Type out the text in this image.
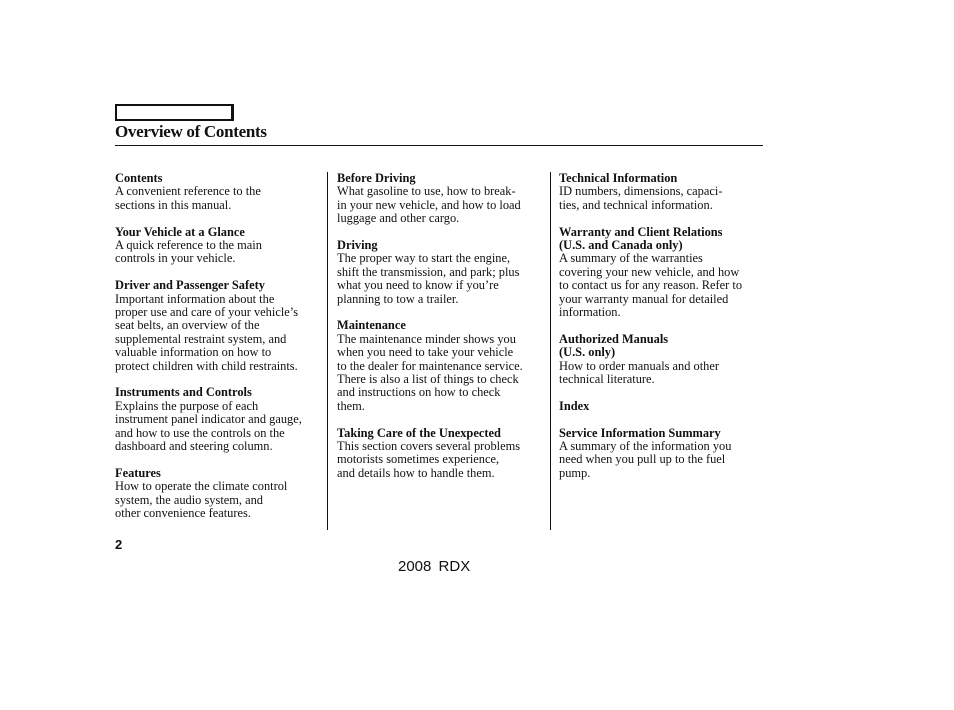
Overview of Contents
Contents
A convenient reference to the
sections in this manual.
Your Vehicle at a Glance
A quick reference to the main
controls in your vehicle.
Driver and Passenger Safety
Important information about the
proper use and care of your vehicle’s
seat belts, an overview of the
supplemental restraint system, and
valuable information on how to
protect children with child restraints.
Instruments and Controls
Explains the purpose of each
instrument panel indicator and gauge,
and how to use the controls on the
dashboard and steering column.
Features
How to operate the climate control
system, the audio system, and
other convenience features.
Before Driving
What gasoline to use, how to break-
in your new vehicle, and how to load
luggage and other cargo.
Driving
The proper way to start the engine,
shift the transmission, and park; plus
what you need to know if you’re
planning to tow a trailer.
Maintenance
The maintenance minder shows you
when you need to take your vehicle
to the dealer for maintenance service.
There is also a list of things to check
and instructions on how to check
them.
Taking Care of the Unexpected
This section covers several problems
motorists sometimes experience,
and details how to handle them.
Technical Information
ID numbers, dimensions, capaci-
ties, and technical information.
Warranty and Client Relations
(U.S. and Canada only)
A summary of the warranties
covering your new vehicle, and how
to contact us for any reason. Refer to
your warranty manual for detailed
information.
Authorized Manuals
(U.S. only)
How to order manuals and other
technical literature.
Index
Service Information Summary
A summary of the information you
need when you pull up to the fuel
pump.
2
2008 RDX
